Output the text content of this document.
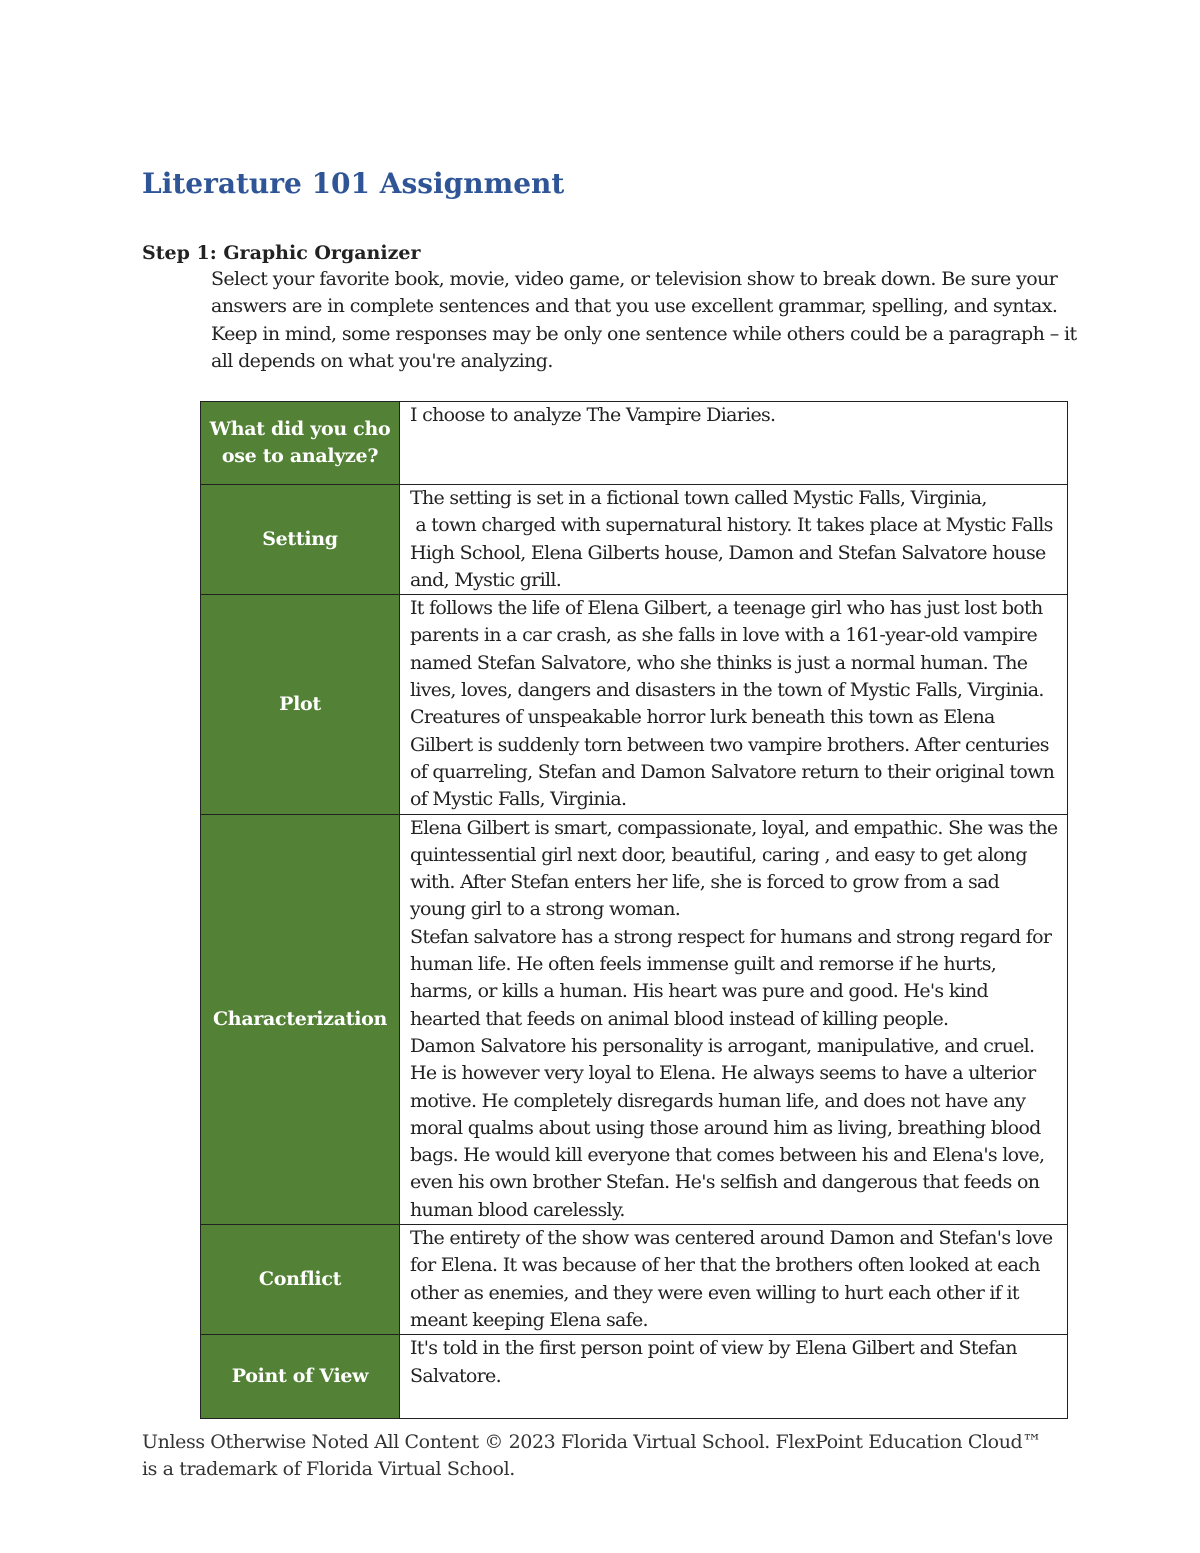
Literature 101 Assignment
Step 1: Graphic Organizer

Select your favorite book, movie, video game, or television show to break down. Be sure your answers are in complete sentences and that you use excellent grammar, spelling, and syntax. Keep in mind, some responses may be only one sentence while others could be a paragraph – it all depends on what you're analyzing.

What did you choose to analyze?	I choose to analyze The Vampire Diaries.
Setting	The setting is set in a fictional town called Mystic Falls, Virginia,
a town charged with supernatural history. It takes place at Mystic Falls High School, Elena Gilberts house, Damon and Stefan Salvatore house and, Mystic grill.
Plot	It follows the life of Elena Gilbert, a teenage girl who has just lost both parents in a car crash, as she falls in love with a 161-year-old vampire named Stefan Salvatore, who she thinks is just a normal human. The lives, loves, dangers and disasters in the town of Mystic Falls, Virginia. Creatures of unspeakable horror lurk beneath this town as Elena Gilbert is suddenly torn between two vampire brothers. After centuries of quarreling, Stefan and Damon Salvatore return to their original town of Mystic Falls, Virginia.
Characterization	Elena Gilbert is smart, compassionate, loyal, and empathic. She was the quintessential girl next door, beautiful, caring , and easy to get along with. After Stefan enters her life, she is forced to grow from a sad young girl to a strong woman.
Stefan salvatore has a strong respect for humans and strong regard for human life. He often feels immense guilt and remorse if he hurts, harms, or kills a human. His heart was pure and good. He's kind hearted that feeds on animal blood instead of killing people.
Damon Salvatore his personality is arrogant, manipulative, and cruel. He is however very loyal to Elena. He always seems to have a ulterior motive. He completely disregards human life, and does not have any moral qualms about using those around him as living, breathing blood bags. He would kill everyone that comes between his and Elena's love, even his own brother Stefan. He's selfish and dangerous that feeds on human blood carelessly.
Conflict	The entirety of the show was centered around Damon and Stefan's love for Elena. It was because of her that the brothers often looked at each other as enemies, and they were even willing to hurt each other if it meant keeping Elena safe.
Point of View	It's told in the first person point of view by Elena Gilbert and Stefan Salvatore.

Unless Otherwise Noted All Content © 2023 Florida Virtual School. FlexPoint Education Cloud™ is a trademark of Florida Virtual School.
